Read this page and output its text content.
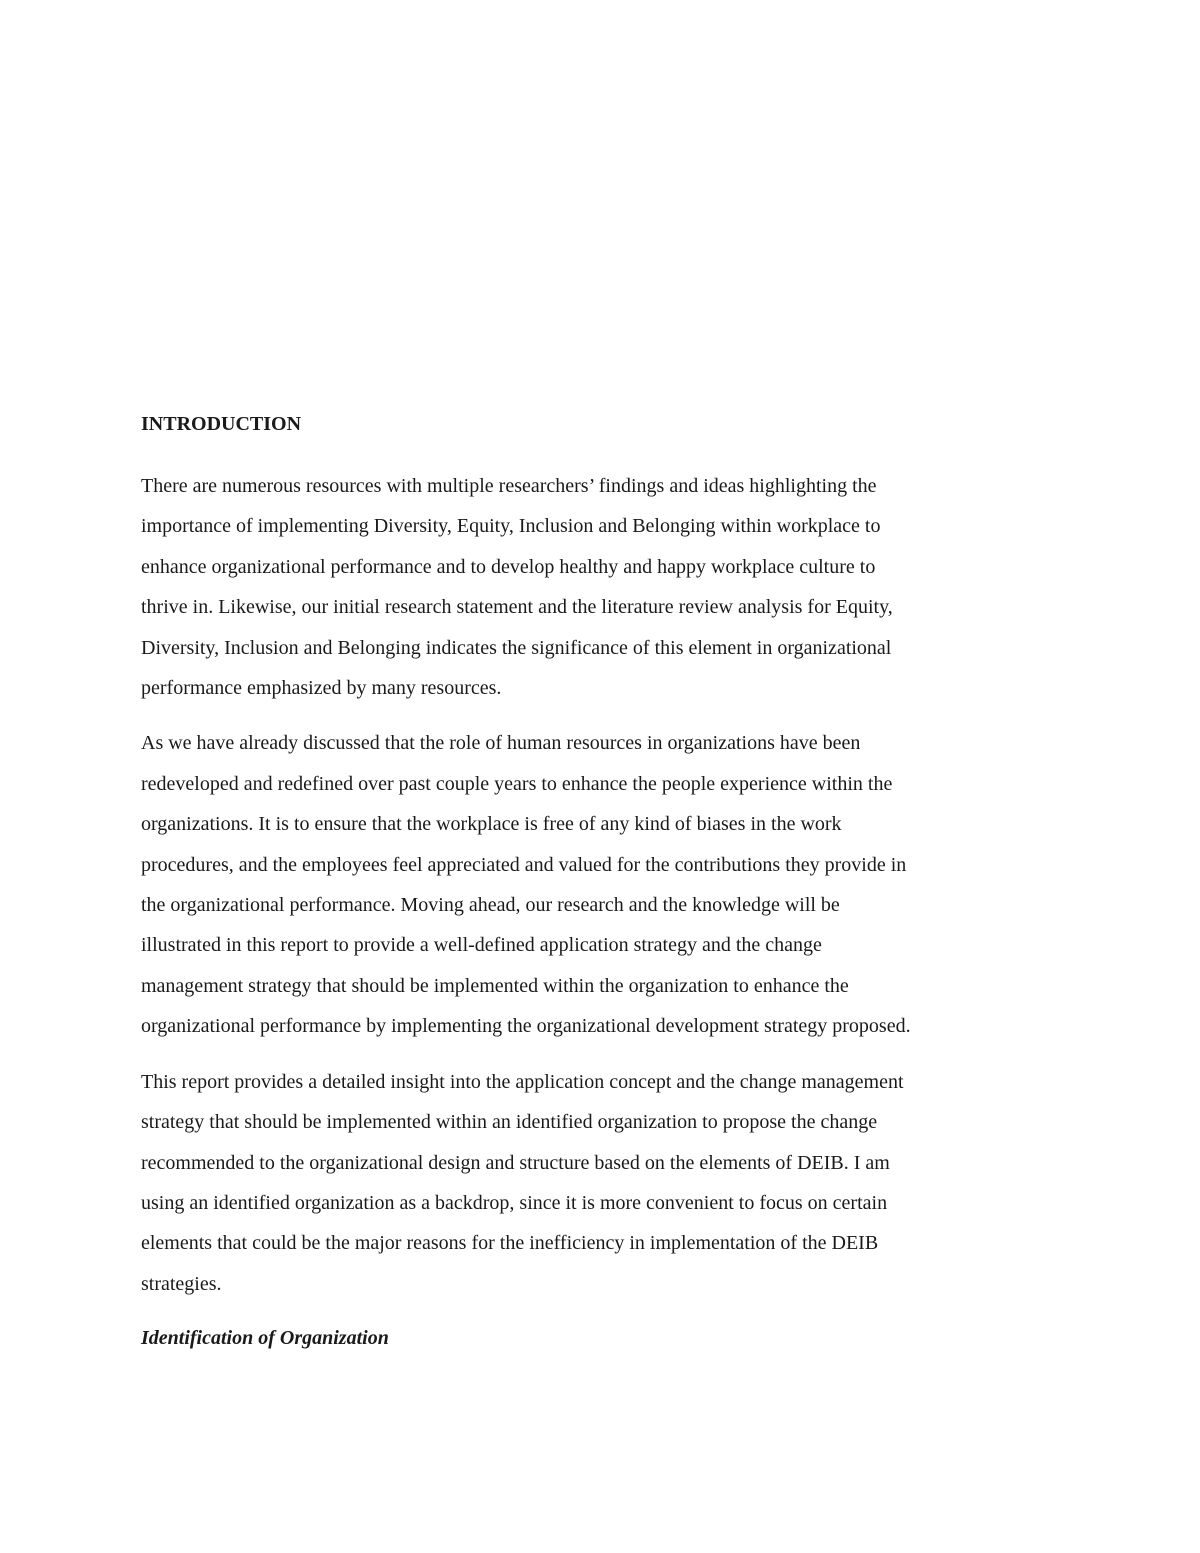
INTRODUCTION
There are numerous resources with multiple researchers’ findings and ideas highlighting the
importance of implementing Diversity, Equity, Inclusion and Belonging within workplace to
enhance organizational performance and to develop healthy and happy workplace culture to
thrive in. Likewise, our initial research statement and the literature review analysis for Equity,
Diversity, Inclusion and Belonging indicates the significance of this element in organizational
performance emphasized by many resources.
As we have already discussed that the role of human resources in organizations have been
redeveloped and redefined over past couple years to enhance the people experience within the
organizations. It is to ensure that the workplace is free of any kind of biases in the work
procedures, and the employees feel appreciated and valued for the contributions they provide in
the organizational performance. Moving ahead, our research and the knowledge will be
illustrated in this report to provide a well-defined application strategy and the change
management strategy that should be implemented within the organization to enhance the
organizational performance by implementing the organizational development strategy proposed.
This report provides a detailed insight into the application concept and the change management
strategy that should be implemented within an identified organization to propose the change
recommended to the organizational design and structure based on the elements of DEIB. I am
using an identified organization as a backdrop, since it is more convenient to focus on certain
elements that could be the major reasons for the inefficiency in implementation of the DEIB
strategies.
Identification of Organization
